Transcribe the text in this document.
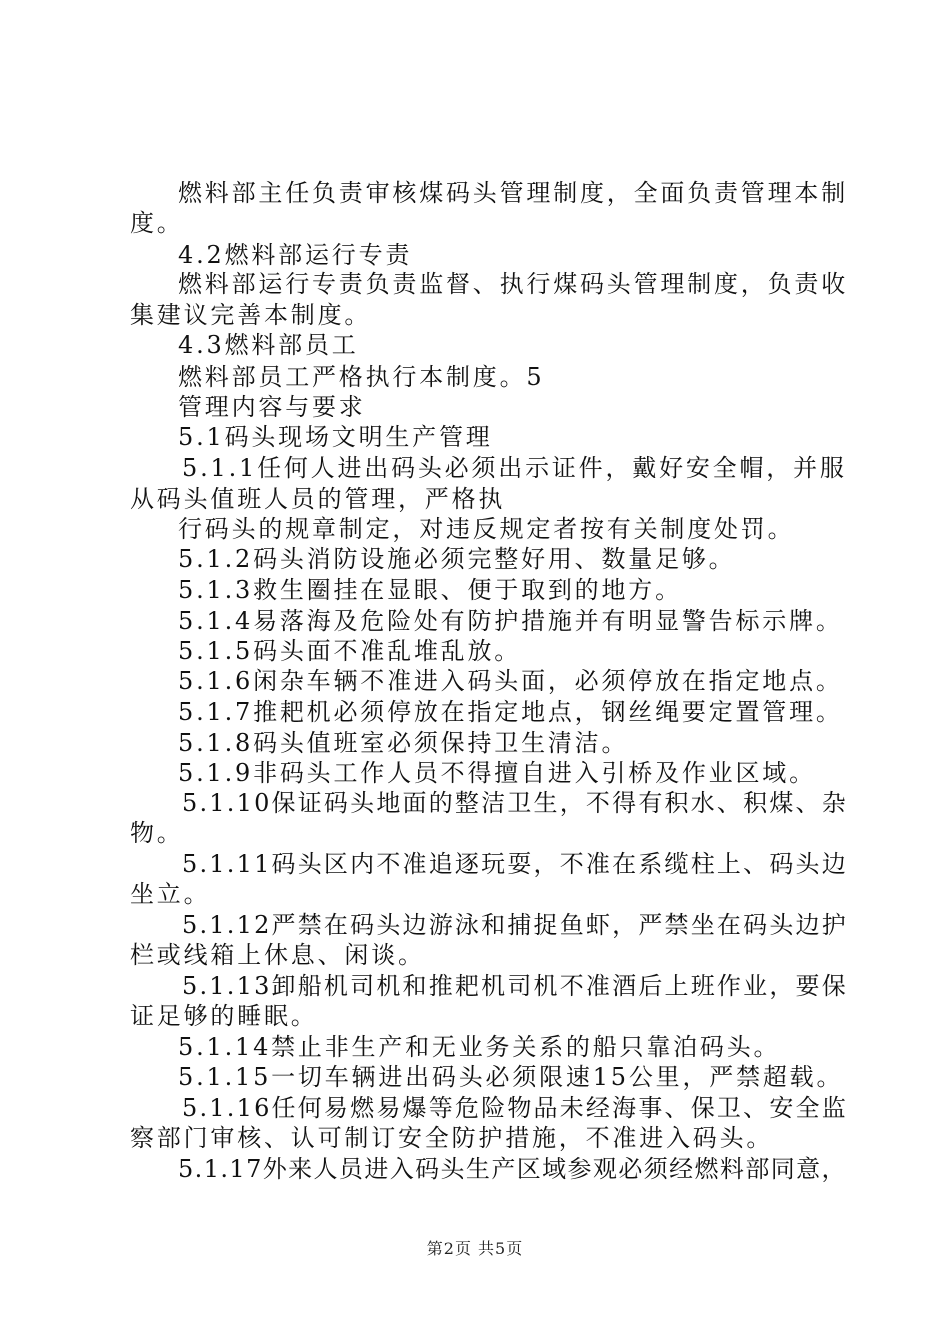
燃料部主任负责审核煤码头管理制度，全面负责管理本制
度。
4.2燃料部运行专责
燃料部运行专责负责监督、执行煤码头管理制度，负责收
集建议完善本制度。
4.3燃料部员工
燃料部员工严格执行本制度。5
管理内容与要求
5.1码头现场文明生产管理
5.1.1任何人进出码头必须出示证件，戴好安全帽，并服
从码头值班人员的管理，严格执
行码头的规章制定，对违反规定者按有关制度处罚。
5.1.2码头消防设施必须完整好用、数量足够。
5.1.3救生圈挂在显眼、便于取到的地方。
5.1.4易落海及危险处有防护措施并有明显警告标示牌。
5.1.5码头面不准乱堆乱放。
5.1.6闲杂车辆不准进入码头面，必须停放在指定地点。
5.1.7推耙机必须停放在指定地点，钢丝绳要定置管理。
5.1.8码头值班室必须保持卫生清洁。
5.1.9非码头工作人员不得擅自进入引桥及作业区域。
5.1.10保证码头地面的整洁卫生，不得有积水、积煤、杂
物。
5.1.11码头区内不准追逐玩耍，不准在系缆柱上、码头边
坐立。
5.1.12严禁在码头边游泳和捕捉鱼虾，严禁坐在码头边护
栏或线箱上休息、闲谈。
5.1.13卸船机司机和推耙机司机不准酒后上班作业，要保
证足够的睡眠。
5.1.14禁止非生产和无业务关系的船只靠泊码头。
5.1.15一切车辆进出码头必须限速15公里，严禁超载。
5.1.16任何易燃易爆等危险物品未经海事、保卫、安全监
察部门审核、认可制订安全防护措施，不准进入码头。
5.1.17外来人员进入码头生产区域参观必须经燃料部同意，
第2页 共5页
